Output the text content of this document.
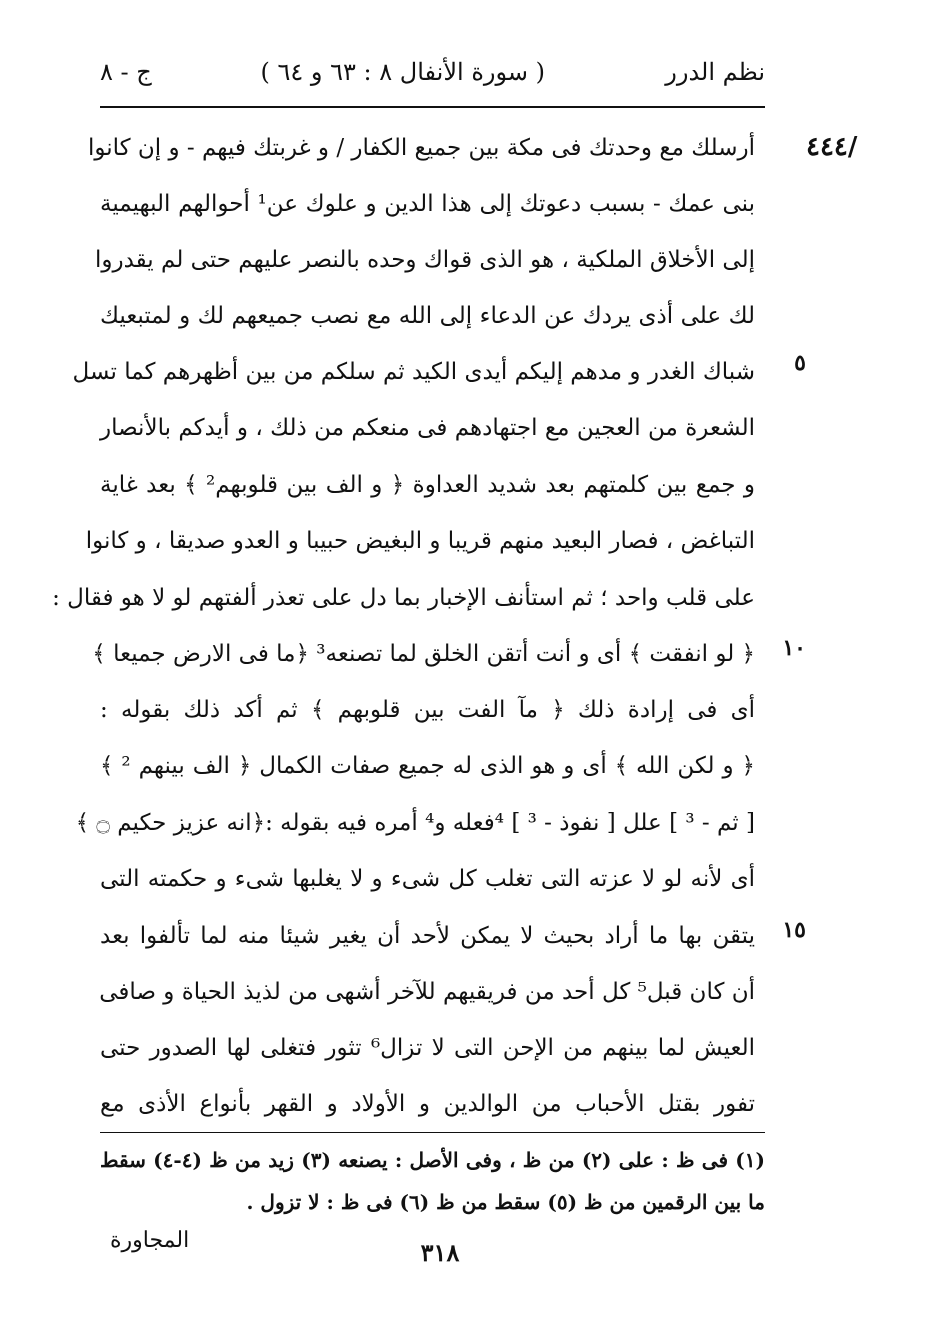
نظم الدرر
( سورة الأنفال ٨ : ٦٣ و ٦٤ )
ج - ٨
/٤٤٤
٥
١٠
١٥
أرسلك مع وحدتك فى مكة بين جميع الكفار / و غربتك فيهم - و إن كانوا
بنى عمك - بسبب دعوتك إلى هذا الدين و علوك عن¹ أحوالهم البهيمية
إلى الأخلاق الملكية ، هو الذى قواك وحده بالنصر عليهم حتى لم يقدروا
لك على أذى يردك عن الدعاء إلى الله مع نصب جميعهم لك و لمتبعيك
شباك الغدر و مدهم إليكم أيدى الكيد ثم سلكم من بين أظهرهم كما تسل
الشعرة من العجين مع اجتهادهم فى منعكم من ذلك ، و أيدكم بالأنصار
و جمع بين كلمتهم بعد شديد العداوة ﴿ و الف بين قلوبهم² ﴾ بعد غاية
التباغض ، فصار البعيد منهم قريبا و البغيض حبيبا و العدو صديقا ، و كانوا
على قلب واحد ؛ ثم استأنف الإخبار بما دل على تعذر ألفتهم لو لا هو فقال :
﴿ لو انفقت ﴾ أى و أنت أتقن الخلق لما تصنعه³ ﴿ما فى الارض جميعا ﴾
أى فى إرادة ذلك ﴿ مآ الفت بين قلوبهم ﴾ ثم أكد ذلك بقوله :
﴿ و لكن الله ﴾ أى و هو الذى له جميع صفات الكمال ﴿ الف بينهم ² ﴾
[ ثم - ³ ] علل [ نفوذ - ³ ] ⁴فعله و⁴ أمره فيه بقوله :﴿انه عزيز حكيم ۝ ﴾
أى لأنه لو لا عزته التى تغلب كل شىء و لا يغلبها شىء و حكمته التى
يتقن بها ما أراد بحيث لا يمكن لأحد أن يغير شيئا منه لما تألفوا بعد
أن كان قبل⁵ كل أحد من فريقيهم للآخر أشهى من لذيذ الحياة و صافى
العيش لما بينهم من الإحن التى لا تزال⁶ تثور فتغلى لها الصدور حتى
تفور بقتل الأحباب من الوالدين و الأولاد و القهر بأنواع الأذى مع
(١) فى ظ : على (٢) من ظ ، وفى الأصل : يصنعه (٣) زيد من ظ (٤-٤) سقط
ما بين الرقمين من ظ (٥) سقط من ظ (٦) فى ظ : لا تزول .
٣١٨
المجاورة
